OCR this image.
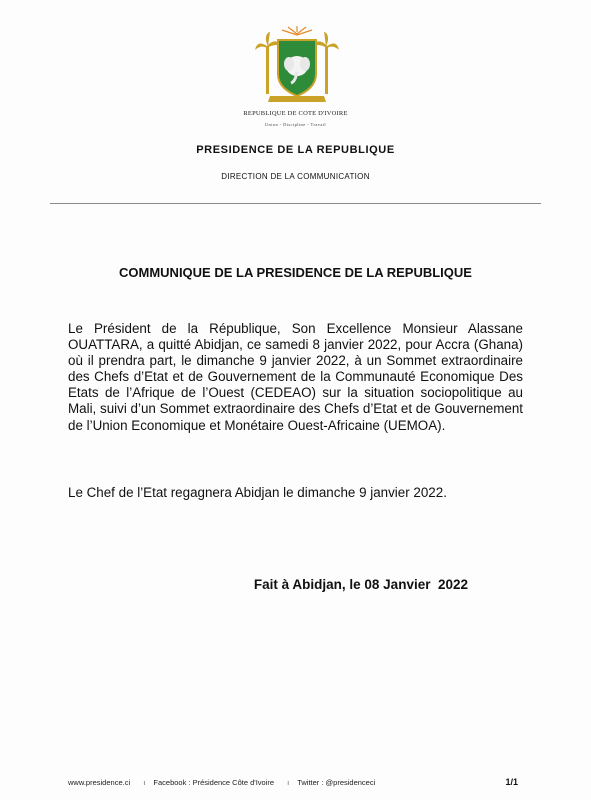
REPUBLIQUE DE COTE D'IVOIRE
Union - Discipline - Travail
PRESIDENCE DE LA REPUBLIQUE
DIRECTION DE LA COMMUNICATION
COMMUNIQUE DE LA PRESIDENCE DE LA REPUBLIQUE

Le Président de la République, Son Excellence Monsieur Alassane OUATTARA, a quitté Abidjan, ce samedi 8 janvier 2022, pour Accra (Ghana) où il prendra part, le dimanche 9 janvier 2022, à un Sommet extraordinaire des Chefs d’Etat et de Gouvernement de la Communauté Economique Des Etats de l’Afrique de l’Ouest (CEDEAO) sur la situation sociopolitique au Mali, suivi d’un Sommet extraordinaire des Chefs d’Etat et de Gouvernement de l’Union Economique et Monétaire Ouest-Africaine (UEMOA).

Le Chef de l’Etat regagnera Abidjan le dimanche 9 janvier 2022.

Fait à Abidjan, le 08 Janvier  2022
www.presidence.ci ı Facebook : Présidence Côte d'Ivoire ı Twitter : @presidenceci	1/1
